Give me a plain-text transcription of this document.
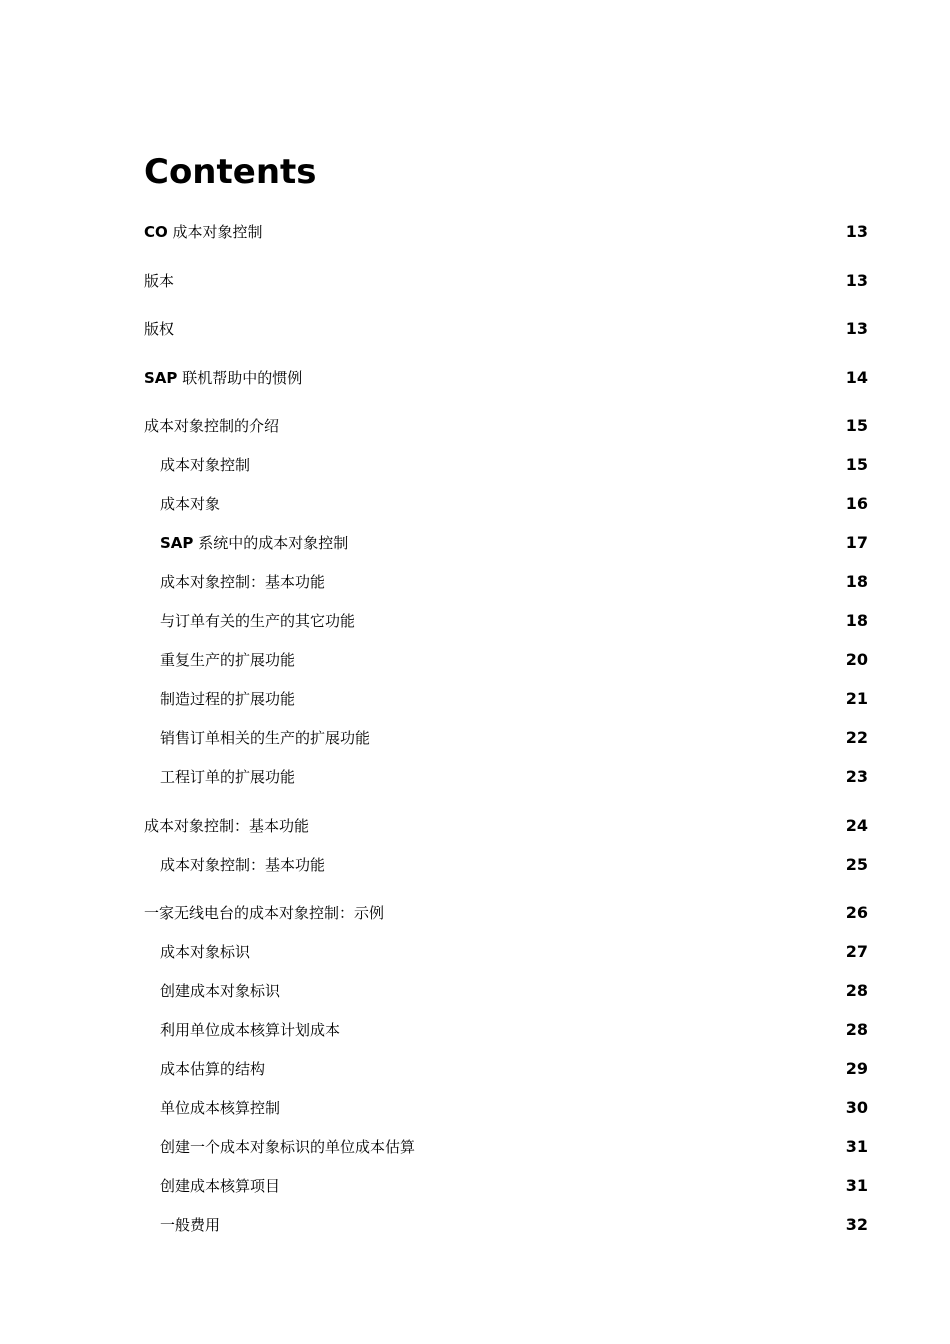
Contents
CO 成本对象控制	13
版本	13
版权	13
SAP 联机帮助中的惯例	14
成本对象控制的介绍	15
成本对象控制	15
成本对象	16
SAP 系统中的成本对象控制	17
成本对象控制：基本功能	18
与订单有关的生产的其它功能	18
重复生产的扩展功能	20
制造过程的扩展功能	21
销售订单相关的生产的扩展功能	22
工程订单的扩展功能	23
成本对象控制：基本功能	24
成本对象控制：基本功能	25
一家无线电台的成本对象控制：示例	26
成本对象标识	27
创建成本对象标识	28
利用单位成本核算计划成本	28
成本估算的结构	29
单位成本核算控制	30
创建一个成本对象标识的单位成本估算	31
创建成本核算项目	31
一般费用	32
